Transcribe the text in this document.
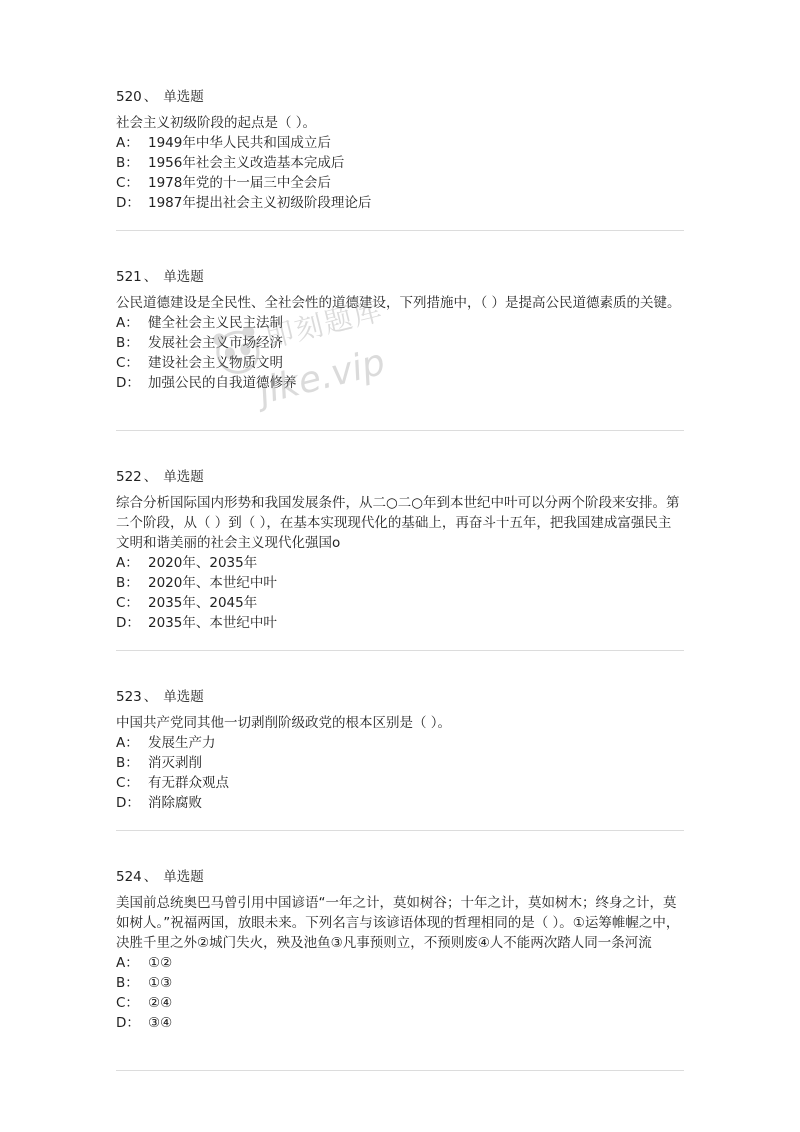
520 、 单选题

社会主义初级阶段的起点是（ ）。

A： 1949年中华人民共和国成立后
B： 1956年社会主义改造基本完成后
C： 1978年党的十一届三中全会后
D： 1987年提出社会主义初级阶段理论后
521 、 单选题

公民道德建设是全民性、全社会性的道德建设，下列措施中，（ ）是提高公民道德素质的关键。

A： 健全社会主义民主法制
B： 发展社会主义市场经济
C： 建设社会主义物质文明
D： 加强公民的自我道德修养
522 、 单选题

综合分析国际国内形势和我国发展条件，从二○二○年到本世纪中叶可以分两个阶段来安排。第二个阶段，从（ ）到（ ），在基本实现现代化的基础上，再奋斗十五年，把我国建成富强民主文明和谐美丽的社会主义现代化强国o

A： 2020年、2035年
B： 2020年、本世纪中叶
C： 2035年、2045年
D： 2035年、本世纪中叶
523 、 单选题

中国共产党同其他一切剥削阶级政党的根本区别是（ ）。

A： 发展生产力
B： 消灭剥削
C： 有无群众观点
D： 消除腐败
524 、 单选题

美国前总统奥巴马曾引用中国谚语“一年之计，莫如树谷；十年之计，莫如树木；终身之计，莫如树人。”祝福两国，放眼未来。下列名言与该谚语体现的哲理相同的是（ ）。①运筹帷幄之中，决胜千里之外②城门失火，殃及池鱼③凡事预则立，不预则废④人不能两次踏人同一条河流

A： ①②
B： ①③
C： ②④
D： ③④
即刻题库
jike.vip
